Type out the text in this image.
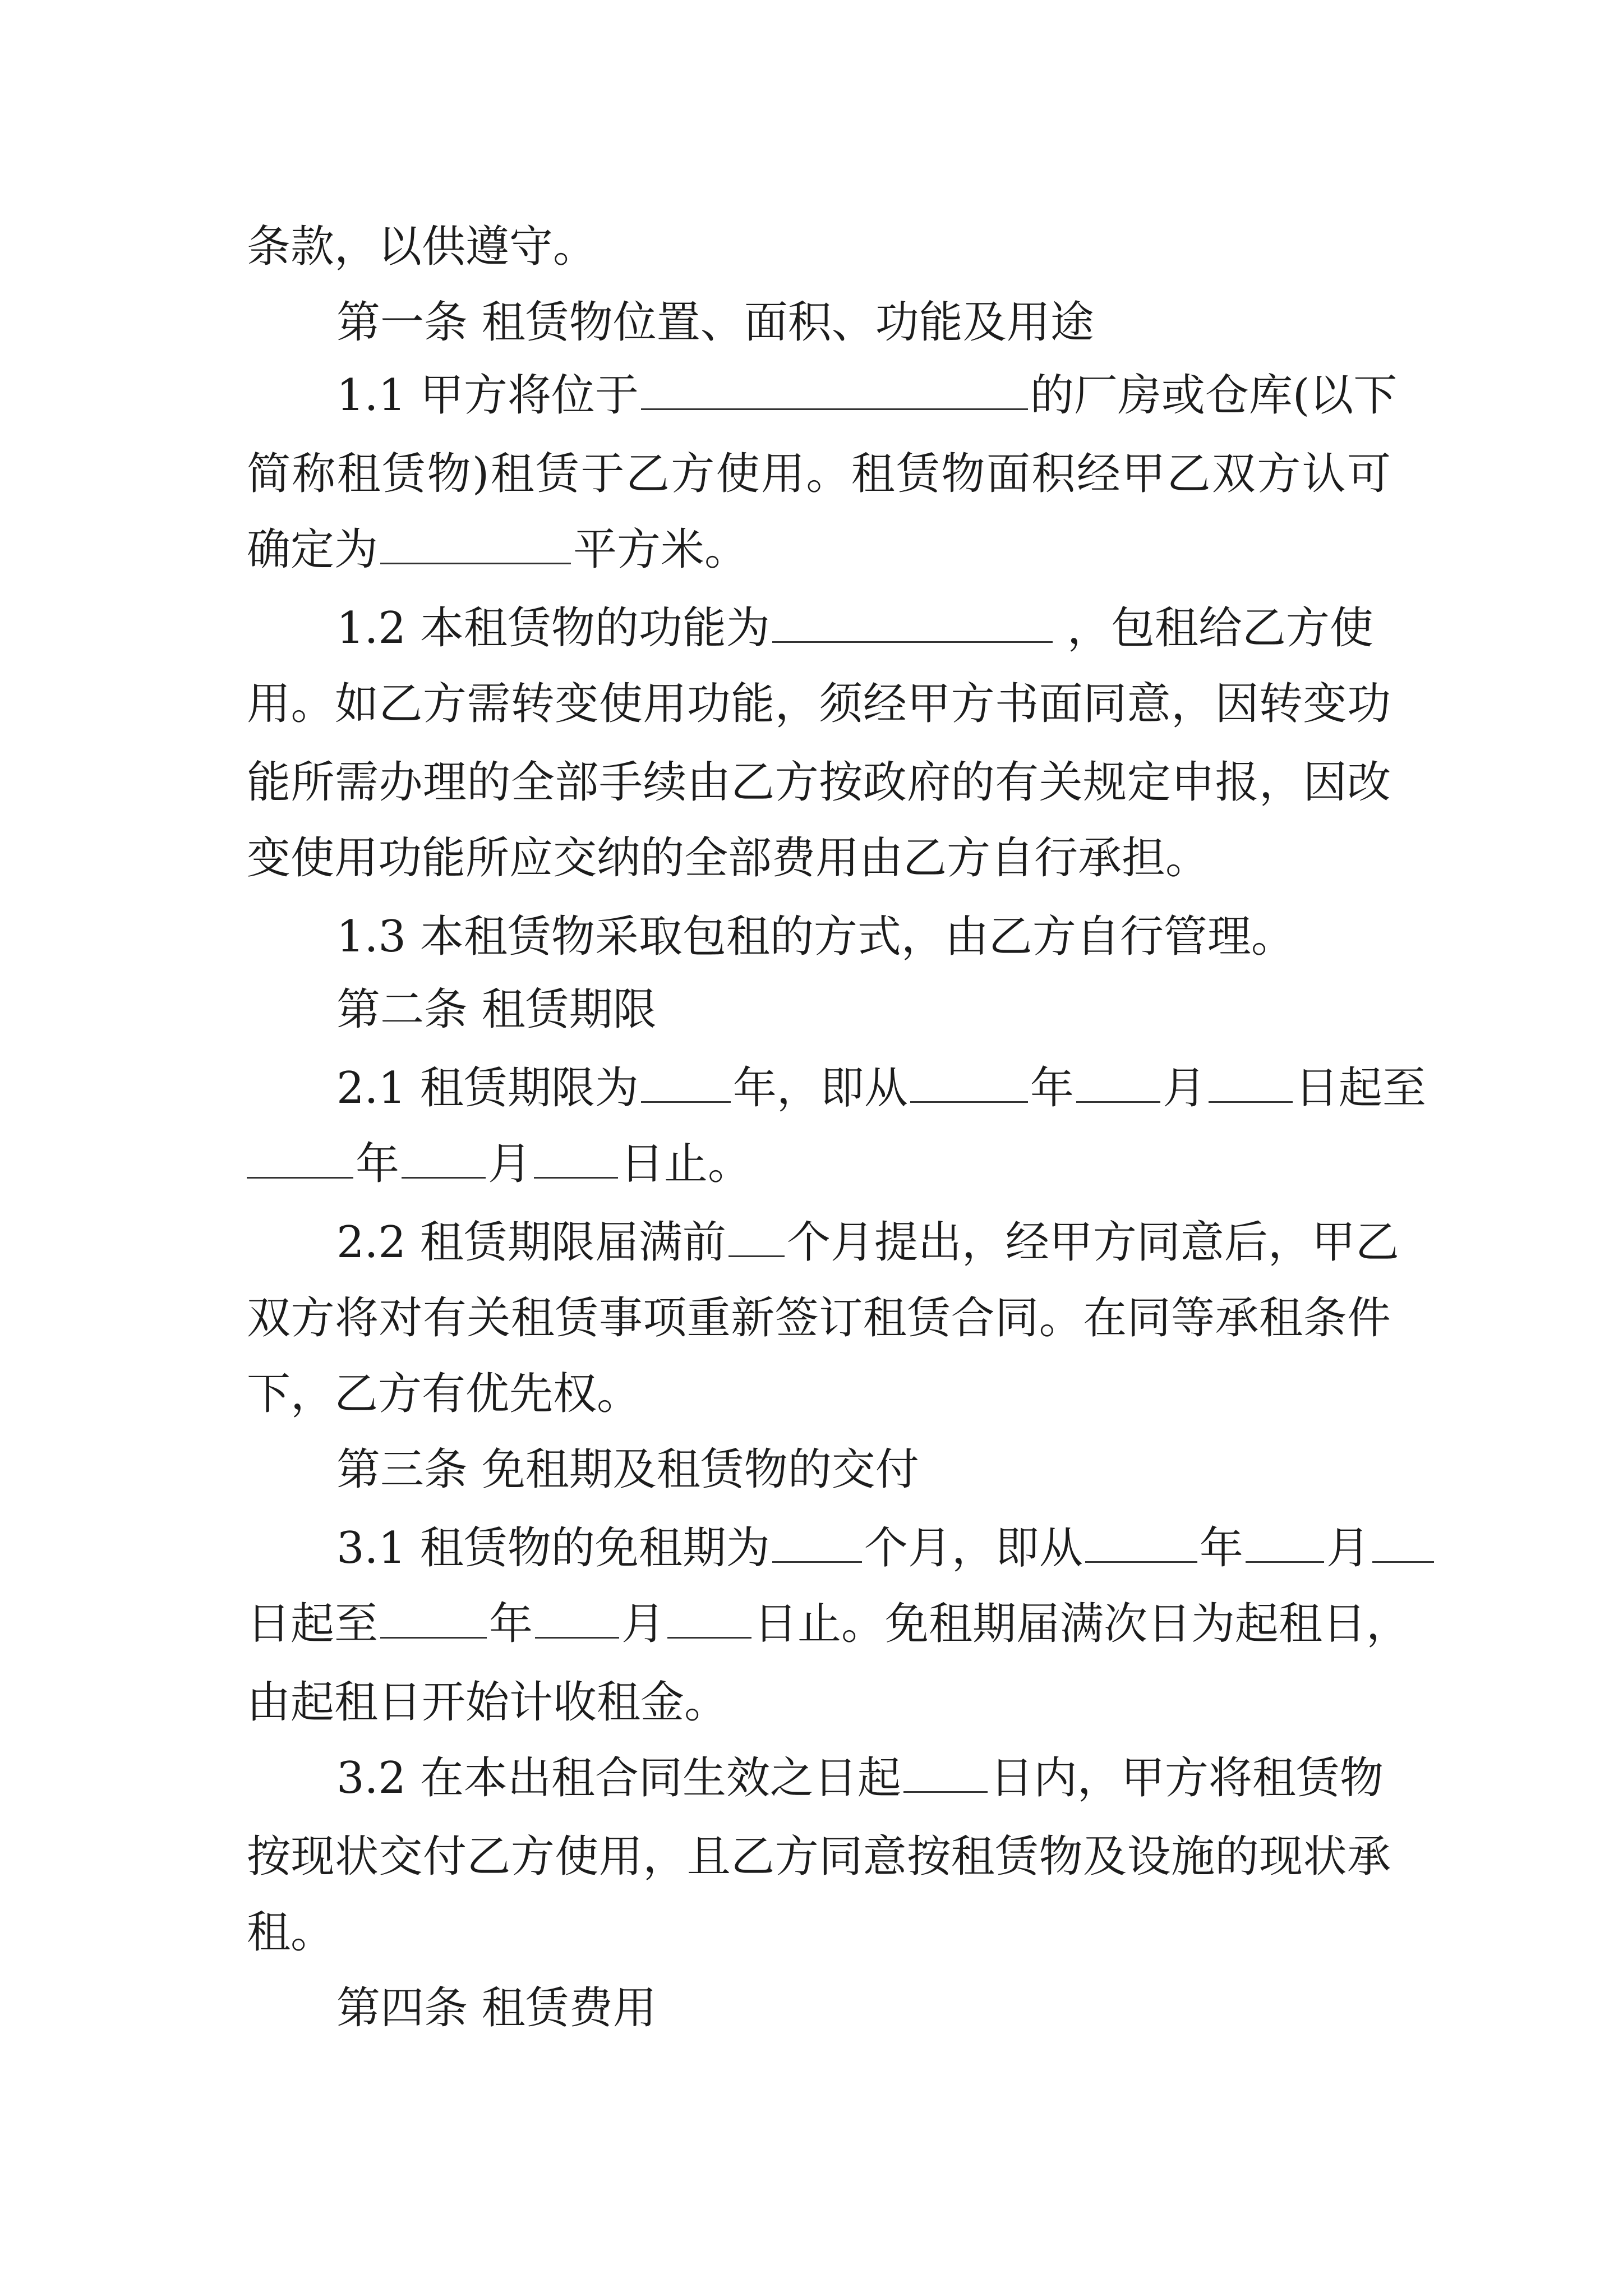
条款，以供遵守。
第一条 租赁物位置、面积、功能及用途
1.1 甲方将位于	的厂房或仓库(以下
简称租赁物)租赁于乙方使用。租赁物面积经甲乙双方认可
确定为	平方米。
1.2 本租赁物的功能为	，包租给乙方使
用。如乙方需转变使用功能，须经甲方书面同意，因转变功
能所需办理的全部手续由乙方按政府的有关规定申报，因改
变使用功能所应交纳的全部费用由乙方自行承担。
1.3 本租赁物采取包租的方式，由乙方自行管理。
第二条 租赁期限
2.1 租赁期限为 年，即从	年 月 日起至
年 月 日止。
2.2 租赁期限届满前 个月提出，经甲方同意后，甲乙
双方将对有关租赁事项重新签订租赁合同。在同等承租条件
下，乙方有优先权。
第三条 免租期及租赁物的交付
3.1 租赁物的免租期为 个月，即从	年 月
日起至	年 月 日止。免租期届满次日为起租日，
由起租日开始计收租金。
3.2 在本出租合同生效之日起 日内，甲方将租赁物
按现状交付乙方使用，且乙方同意按租赁物及设施的现状承
租。
第四条 租赁费用
